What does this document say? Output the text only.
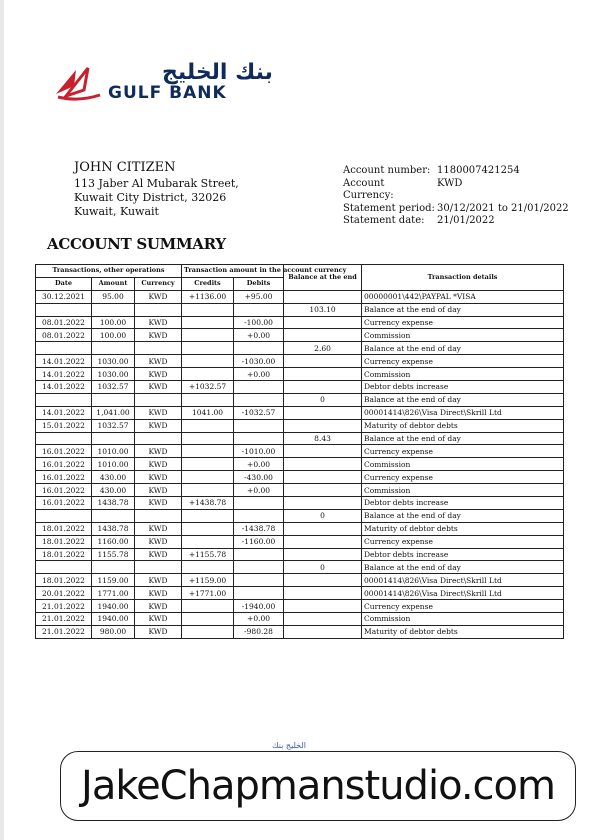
بنك الخليج
GULF BANK
JOHN CITIZEN
113 Jaber Al Mubarak Street,
Kuwait City District, 32026
Kuwait, Kuwait
Account number: 1180007421254
Account Currency:
KWD
Statement period: 30/12/2021 to 21/01/2022
Statement date:	21/01/2022
ACCOUNT SUMMARY
Transactions, other operations			Transaction amount in the account currency		Balance at the end	Transaction details
Date	Amount	Currency	Credits	Debits		
30.12.2021	95.00	KWD	+1136.00	+95.00		00000001\442\PAYPAL *VISA
					103.10	Balance at the end of day
08.01.2022	100.00	KWD		-100.00		Currency expense
08.01.2022	100.00	KWD		+0.00		Commission
					2.60	Balance at the end of day
14.01.2022	1030.00	KWD		-1030.00		Currency expense
14.01.2022	1030.00	KWD		+0.00		Commission
14.01.2022	1032.57	KWD	+1032.57			Debtor debts increase
					0	Balance at the end of day
14.01.2022	1,041.00	KWD	1041.00	-1032.57		00001414\826\Visa Direct\Skrill Ltd
15.01.2022	1032.57	KWD				Maturity of debtor debts
					8.43	Balance at the end of day
16.01.2022	1010.00	KWD		-1010.00		Currency expense
16.01.2022	1010.00	KWD		+0.00		Commission
16.01.2022	430.00	KWD		-430.00		Currency expense
16.01.2022	430.00	KWD		+0.00		Commission
16.01.2022	1438.78	KWD	+1438.78			Debtor debts increase
					0	Balance at the end of day
18.01.2022	1438.78	KWD		-1438.78		Maturity of debtor debts
18.01.2022	1160.00	KWD		-1160.00		Currency expense
18.01.2022	1155.78	KWD	+1155.78			Debtor debts increase
					0	Balance at the end of day
18.01.2022	1159.00	KWD	+1159.00			00001414\826\Visa Direct\Skrill Ltd
20.01.2022	1771.00	KWD	+1771.00			00001414\826\Visa Direct\Skrill Ltd
21.01.2022	1940.00	KWD		-1940.00		Currency expense
21.01.2022	1940.00	KWD		+0.00		Commission
21.01.2022	980.00	KWD		-980.28		Maturity of debtor debts
الخليج بنك
JakeChapmanstudio.com
